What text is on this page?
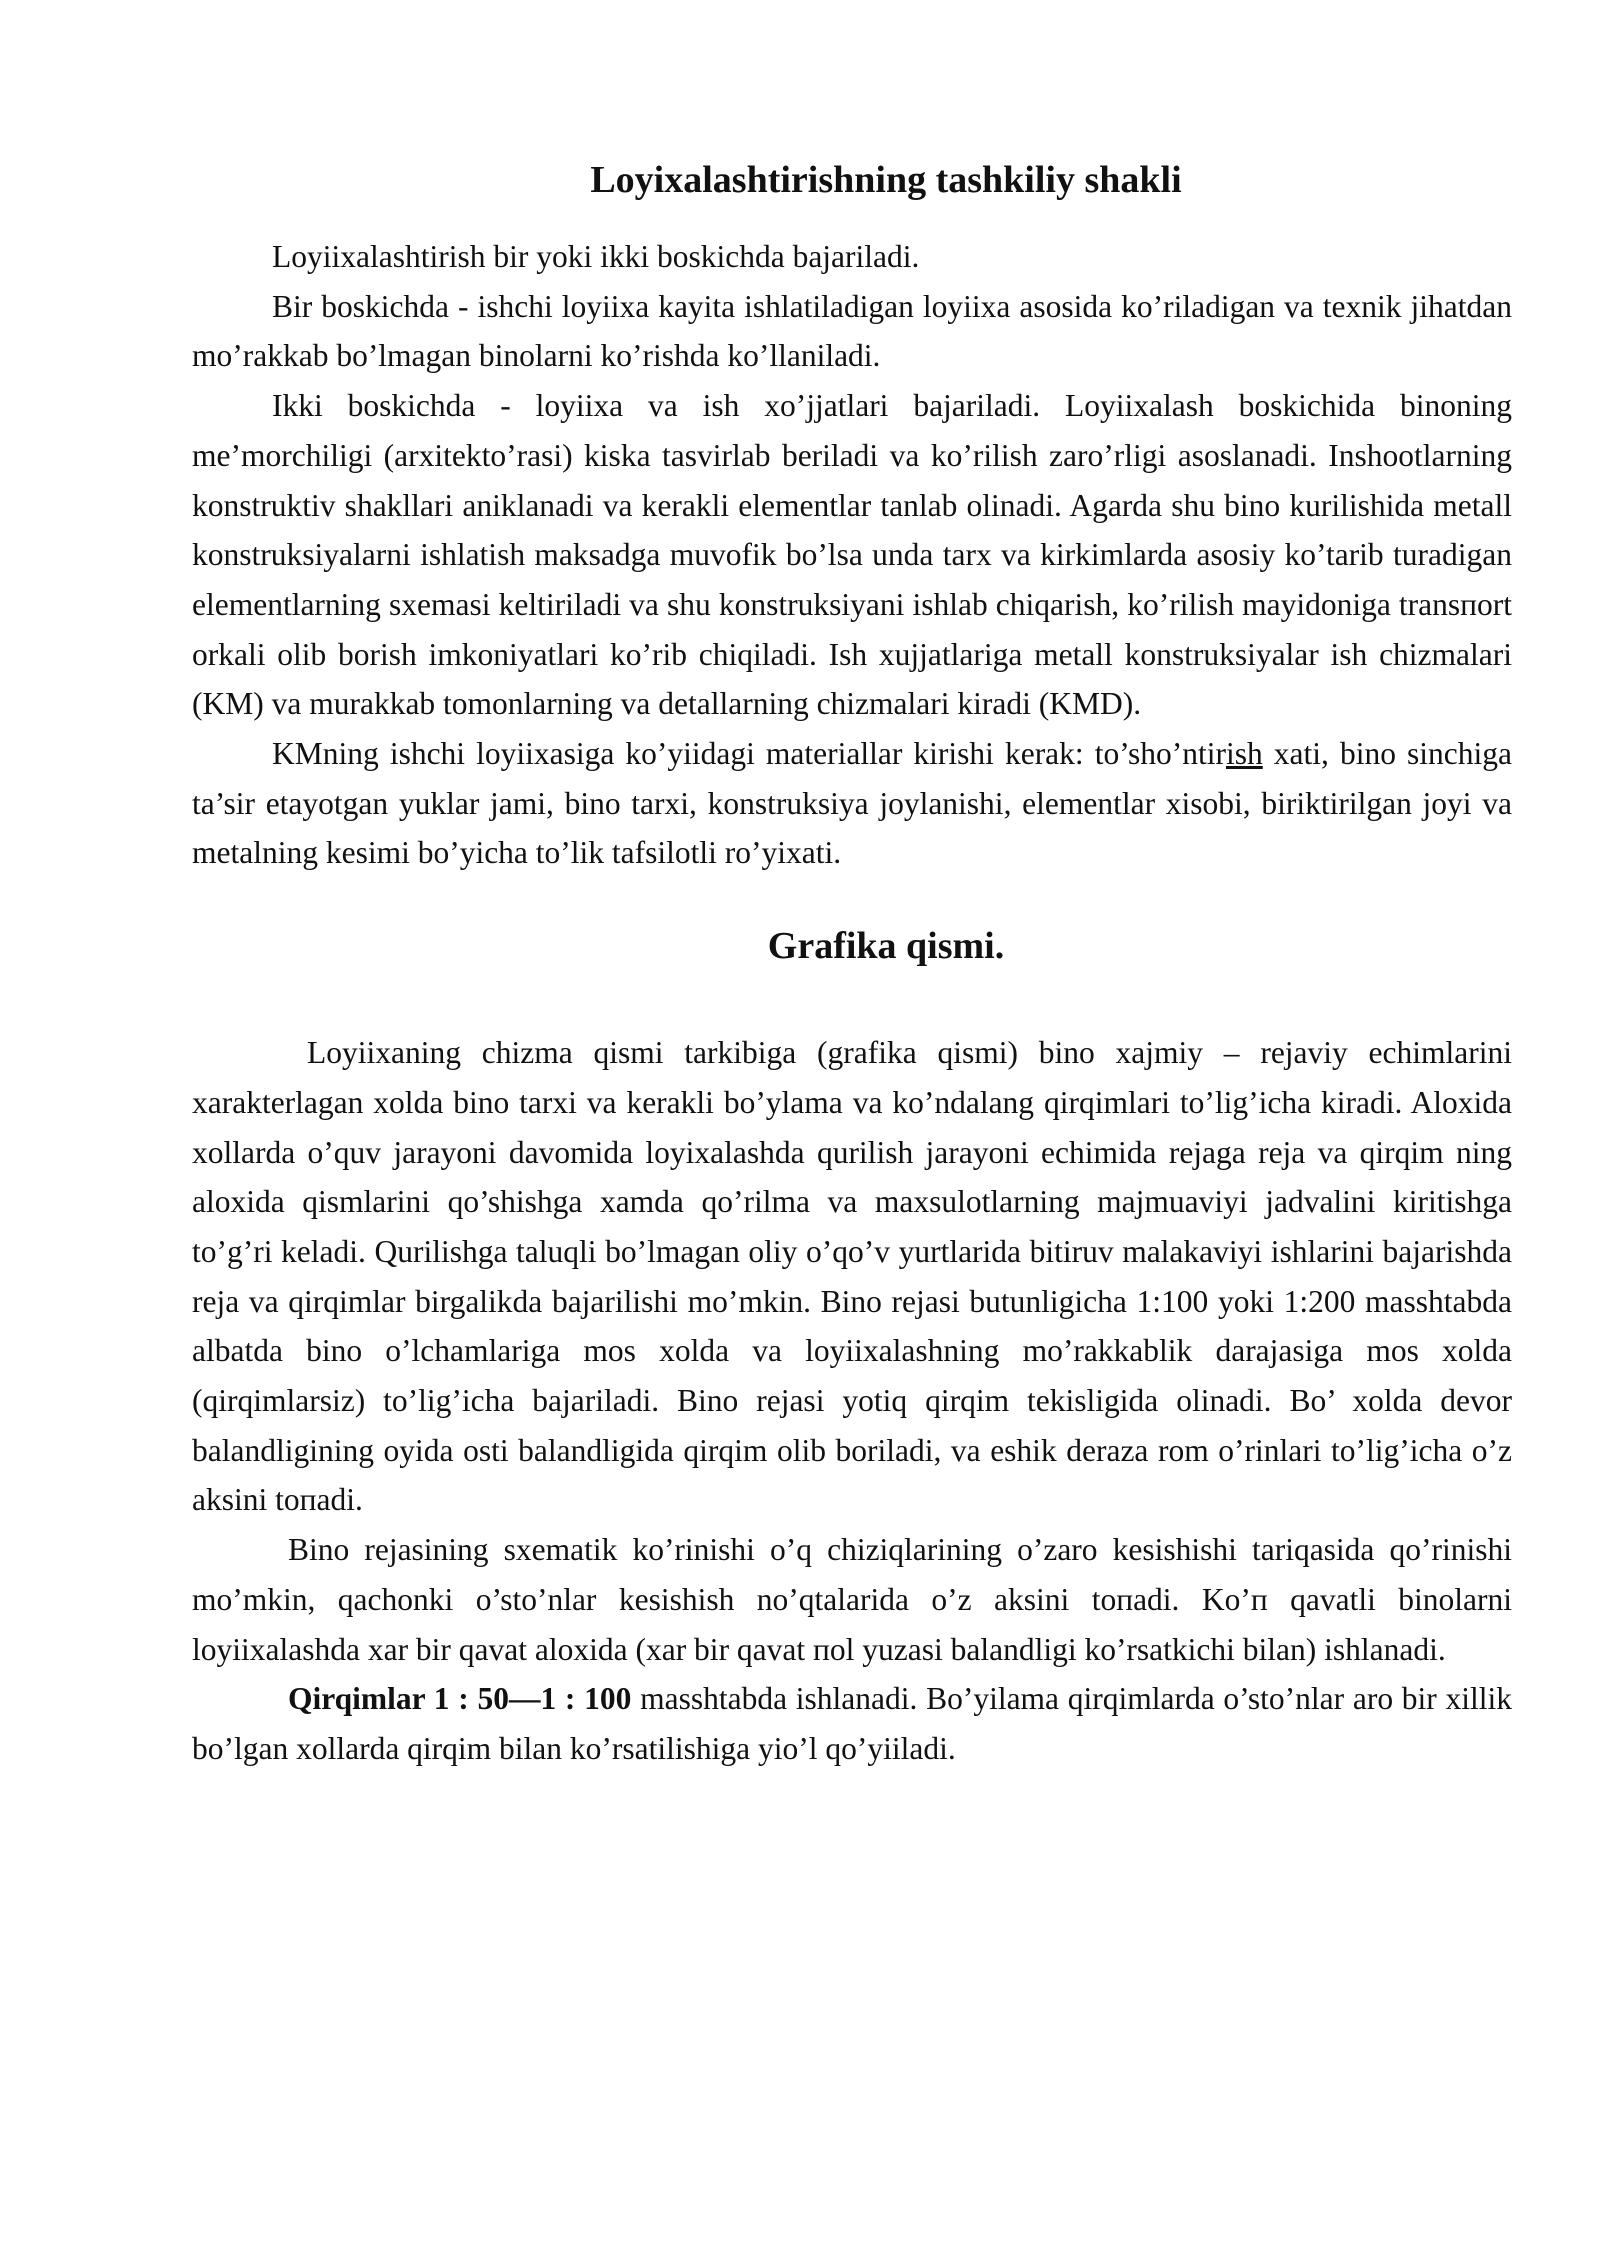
Loyixalashtirishning tashkiliy shakli

Loyiixalashtirish bir yoki ikki boskichda bajariladi.

Bir boskichda - ishchi loyiixa kayita ishlatiladigan loyiixa asosida ko’riladigan va texnik jihatdan mo’rakkab bo’lmagan binolarni ko’rishda ko’llaniladi.

Ikki boskichda - loyiixa va ish xo’jjatlari bajariladi. Loyiixalash boskichida binoning me’morchiligi (arxitekto’rasi) kiska tasvirlab beriladi va ko’rilish zaro’rligi asoslanadi. Inshootlarning konstruktiv shakllari aniklanadi va kerakli elementlar tanlab olinadi. Agarda shu bino kurilishida metall konstruksiyalarni ishlatish maksadga muvofik bo’lsa unda tarx va kirkimlarda asosiy ko’tarib turadigan elementlarning sxemasi keltiriladi va shu konstruksiyani ishlab chiqarish, ko’rilish mayidoniga transпort orkali olib borish imkoniyatlari ko’rib chiqiladi. Ish xujjatlariga metall konstruksiyalar ish chizmalari (KM) va murakkab tomonlarning va detallarning chizmalari kiradi (KMD).

KMning ishchi loyiixasiga ko’yiidagi materiallar kirishi kerak: to’sho’ntirish xati, bino sinchiga ta’sir etayotgan yuklar jami, bino tarxi, konstruksiya joylanishi, elementlar xisobi, biriktirilgan joyi va metalning kesimi bo’yicha to’lik tafsilotli ro’yixati.

Grafika qismi.

Loyiixaning chizma qismi tarkibiga (grafika qismi) bino xajmiy – rejaviy echimlarini xarakterlagan xolda bino tarxi va kerakli bo’ylama va ko’ndalang qirqimlari to’lig’icha kiradi. Aloxida xollarda o’quv jarayoni davomida loyixalashda qurilish jarayoni echimida rejaga reja va qirqim ning aloxida qismlarini qo’shishga xamda qo’rilma va maxsulotlarning majmuaviyi jadvalini kiritishga to’g’ri keladi. Qurilishga taluqli bo’lmagan oliy o’qo’v yurtlarida bitiruv malakaviyi ishlarini bajarishda reja va qirqimlar birgalikda bajarilishi mo’mkin. Bino rejasi butunligicha 1:100 yoki 1:200 masshtabda albatda bino o’lchamlariga mos xolda va loyiixalashning mo’rakkablik darajasiga mos xolda (qirqimlarsiz) to’lig’icha bajariladi. Bino rejasi yotiq qirqim tekisligida olinadi. Bo’ xolda devor balandligining oyida osti balandligida qirqim olib boriladi, va eshik deraza rom o’rinlari to’lig’icha o’z aksini toпadi.

Bino rejasining sxematik ko’rinishi o’q chiziqlarining o’zaro kesishishi tariqasida qo’rinishi mo’mkin, qachonki o’sto’nlar kesishish no’qtalarida o’z aksini toпadi. Ko’п qavatli binolarni loyiixalashda xar bir qavat aloxida (xar bir qavat пol yuzasi balandligi ko’rsatkichi bilan) ishlanadi.

Qirqimlar 1 : 50—1 : 100 masshtabda ishlanadi. Bo’yilama qirqimlarda o’sto’nlar aro bir xillik bo’lgan xollarda qirqim bilan ko’rsatilishiga yio’l qo’yiiladi.
